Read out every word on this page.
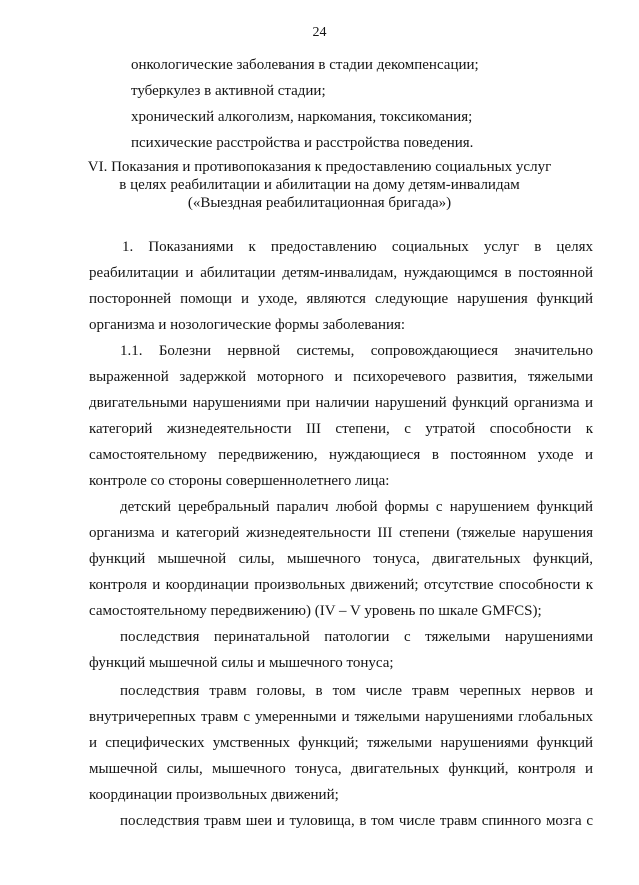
24
онкологические заболевания в стадии декомпенсации;
туберкулез в активной стадии;
хронический алкоголизм, наркомания, токсикомания;
психические расстройства и расстройства поведения.
VI. Показания и противопоказания к предоставлению социальных услуг
в целях реабилитации и абилитации на дому детям-инвалидам
(«Выездная реабилитационная бригада»)
1. Показаниями к предоставлению социальных услуг в целях
реабилитации и абилитации детям-инвалидам, нуждающимся в постоянной
посторонней помощи и уходе, являются следующие нарушения функций
организма и нозологические формы заболевания:
1.1. Болезни нервной системы, сопровождающиеся значительно
выраженной задержкой моторного и психоречевого развития, тяжелыми
двигательными нарушениями при наличии нарушений функций организма и
категорий жизнедеятельности III степени, с утратой способности к
самостоятельному передвижению, нуждающиеся в постоянном уходе и
контроле со стороны совершеннолетнего лица:
детский церебральный паралич любой формы с нарушением функций
организма и категорий жизнедеятельности III степени (тяжелые нарушения
функций мышечной силы, мышечного тонуса, двигательных функций,
контроля и координации произвольных движений; отсутствие способности к
самостоятельному передвижению) (IV – V уровень по шкале GMFCS);
последствия перинатальной патологии с тяжелыми нарушениями
функций мышечной силы и мышечного тонуса;
последствия травм головы, в том числе травм черепных нервов и
внутричерепных травм с умеренными и тяжелыми нарушениями глобальных
и специфических умственных функций; тяжелыми нарушениями функций
мышечной силы, мышечного тонуса, двигательных функций, контроля и
координации произвольных движений;
последствия травм шеи и туловища, в том числе травм спинного мозга с
